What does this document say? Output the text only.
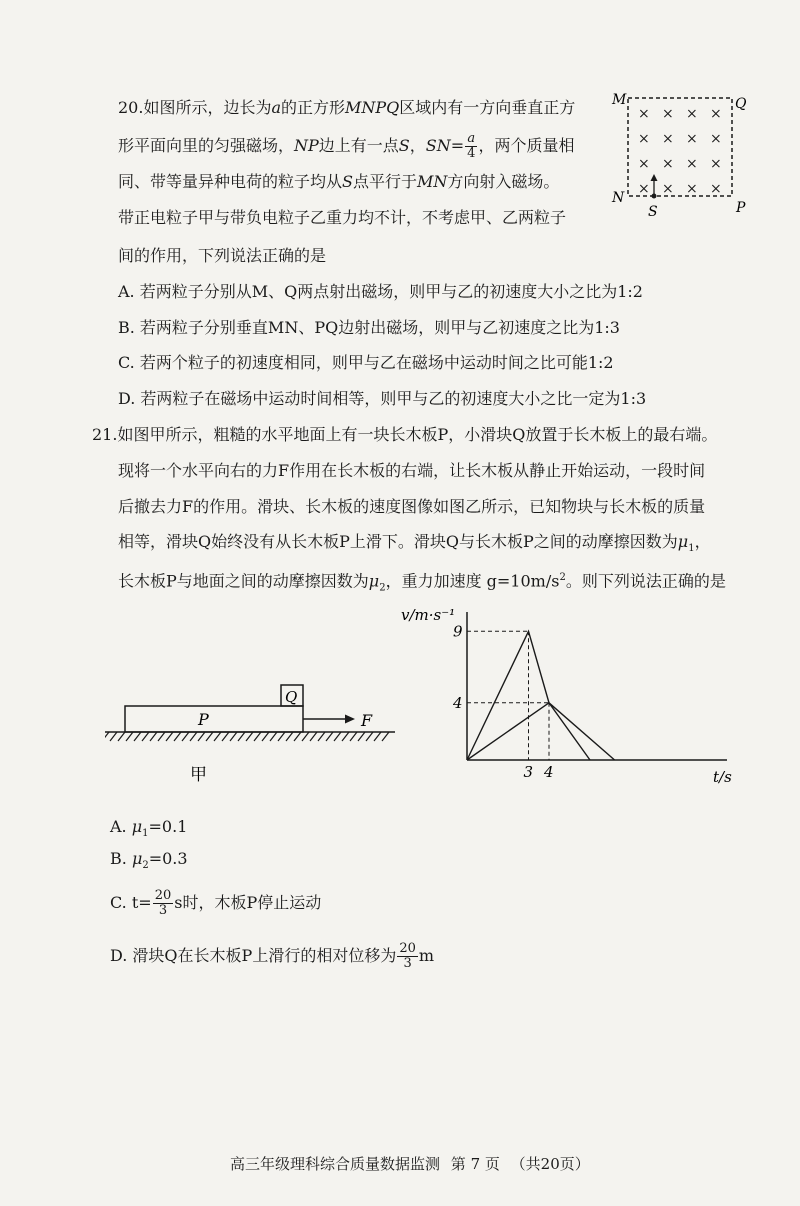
20.如图所示，边长为a的正方形MNPQ区域内有一方向垂直正方
形平面向里的匀强磁场，NP边上有一点S，$SN= \frac{a}{4}$ ，两个质量相
同、带等量异种电荷的粒子均从S点平行于MN方向射入磁场。
带正电粒子甲与带负电粒子乙重力均不计，不考虑甲、乙两粒子
间的作用，下列说法正确的是
A. 若两粒子分别从M、Q两点射出磁场，则甲与乙的初速度大小之比为1:2
B. 若两粒子分别垂直MN、PQ边射出磁场，则甲与乙初速度之比为1:3
C. 若两个粒子的初速度相同，则甲与乙在磁场中运动时间之比可能1:2
D. 若两粒子在磁场中运动时间相等，则甲与乙的初速度大小之比一定为1:3
M	Q
N
P
S
× × × ×
× × × ×
× × × ×
× × × ×
21.如图甲所示，粗糙的水平地面上有一块长木板P，小滑块Q放置于长木板上的最右端。
现将一个水平向右的力F作用在长木板的右端，让长木板从静止开始运动，一段时间
后撤去力F的作用。滑块、长木板的速度图像如图乙所示，已知物块与长木板的质量
相等，滑块Q始终没有从长木板P上滑下。滑块Q与长木板P之间的动摩擦因数为$\mu_1$，
长木板P与地面之间的动摩擦因数为$\mu_2$，重力加速度 $g=10m/s^2$。则下列说法正确的是
P
Q
F
甲
v/m·s⁻¹
t/s
9
4
3 4
A. $\mu_1=0.1$
B. $\mu_2=0.3$
C. $t= \frac{20}{3}$ s时，木板P停止运动
D. 滑块Q在长木板P上滑行的相对位移为 $\frac{20}{3}$ m
高三年级理科综合质量数据监测 第 7 页 （共20页）
